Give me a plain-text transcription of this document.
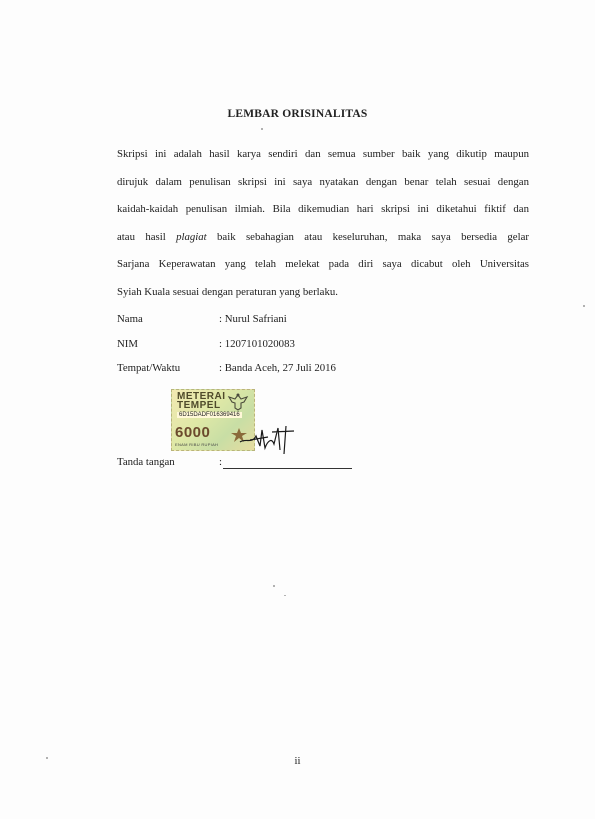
LEMBAR ORISINALITAS
Skripsi ini adalah hasil karya sendiri dan semua sumber baik yang dikutip maupun
dirujuk dalam penulisan skripsi ini saya nyatakan dengan benar telah sesuai dengan
kaidah-kaidah penulisan ilmiah. Bila dikemudian hari skripsi ini diketahui fiktif dan
atau hasil plagiat baik sebahagian atau keseluruhan, maka saya bersedia gelar
Sarjana Keperawatan yang telah melekat pada diri saya dicabut oleh Universitas
Syiah Kuala sesuai dengan peraturan yang berlaku.
Nama	: Nurul Safriani
NIM	: 1207101020083
Tempat/Waktu	: Banda Aceh, 27 Juli 2016
METERAI
TEMPEL
6D15DADF016369416
6000
ENAM RIBU RUPIAH
Tanda tangan	:
ii
